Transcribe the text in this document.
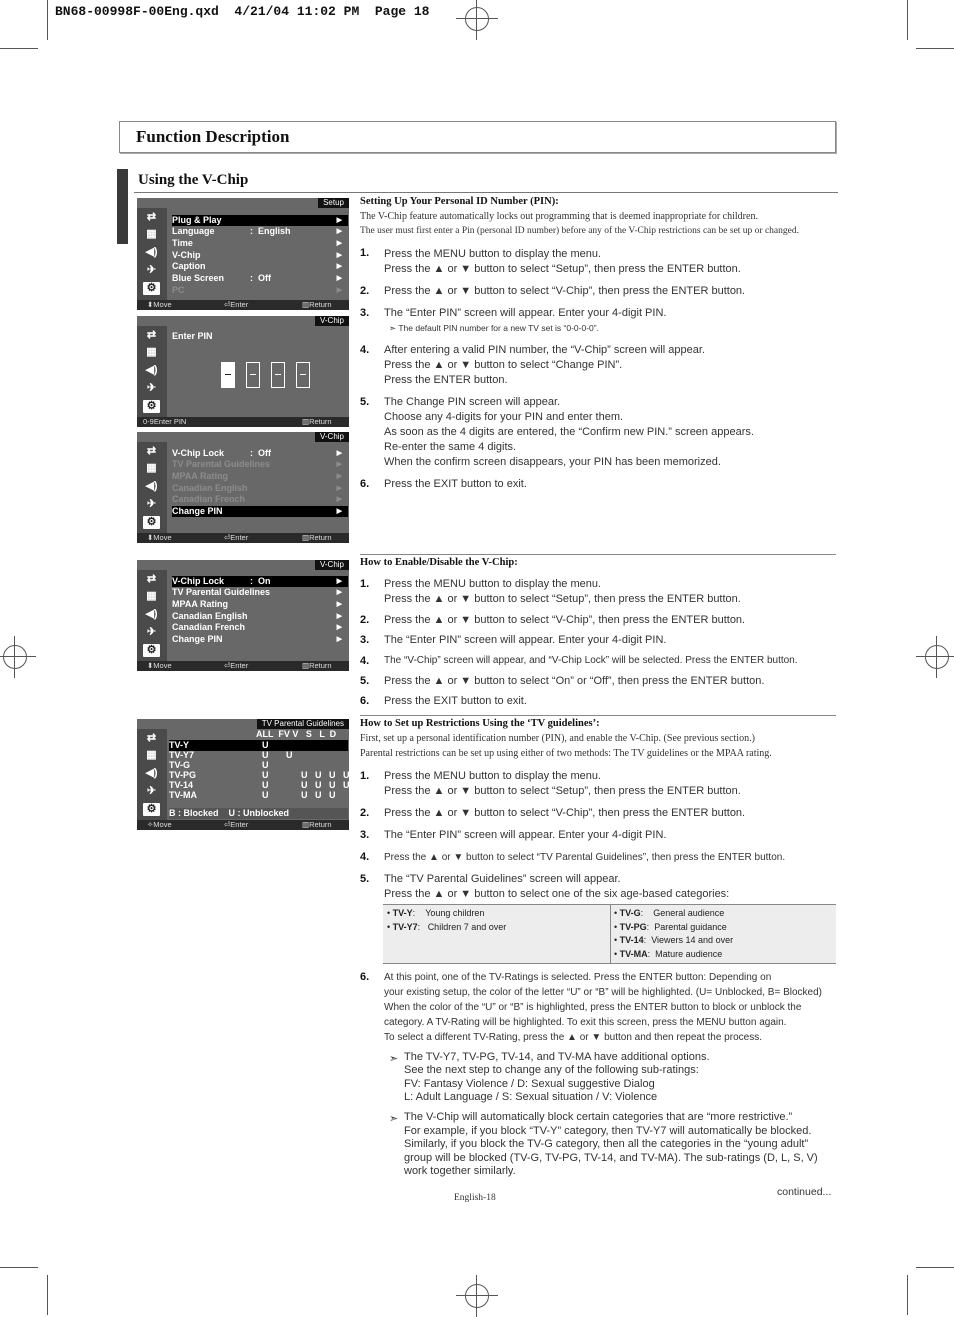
BN68-00998F-00Eng.qxd  4/21/04 11:02 PM  Page 18
Function Description
Using the V-Chip
Setup
⇄
▦
◀)
✈
⚙
Plug & Play	▶
Language	:  English	▶
Time	▶
V-Chip	▶
Caption	▶
Blue Screen	:  Off	▶
PC	▶
⬍ Move	⏎ Enter	▥ Return
V-Chip
⇄
▦
◀)
✈
⚙
Enter PIN
0-9Enter PIN	▥ Return
V-Chip
⇄
▦
◀)
✈
⚙
V-Chip Lock	:  Off	▶
TV Parental Guidelines	▶
MPAA Rating	▶
Canadian English	▶
Canadian French	▶
Change PIN	▶
⬍ Move	⏎ Enter	▥ Return
V-Chip
⇄
▦
◀)
✈
⚙
V-Chip Lock	:  On	▶
TV Parental Guidelines	▶
MPAA Rating	▶
Canadian English	▶
Canadian French	▶
Change PIN	▶
⬍ Move	⏎ Enter	▥ Return
TV Parental Guidelines
⇄
▦
◀)
✈
⚙
ALL  FV V   S   L  D
TV-Y	U
TV-Y7	U       U
TV-G	U
TV-PG	U             U   U   U   U
TV-14	U             U   U   U   U
TV-MA	U             U   U   U
B : Blocked    U : Unblocked
✧ Move	⏎ Enter	▥ Return
Setting Up Your Personal ID Number (PIN):
The V-Chip feature automatically locks out programming that is deemed inappropriate for children.
The user must first enter a Pin (personal ID number) before any of the V-Chip restrictions can be set up or changed.
1. Press the MENU button to display the menu.
Press the ▲ or ▼ button to select “Setup”, then press the ENTER button.
2. Press the ▲ or ▼ button to select “V-Chip”, then press the ENTER button.
3. The “Enter PIN” screen will appear. Enter your 4-digit PIN.
➣ The default PIN number for a new TV set is “0-0-0-0”.
4. After entering a valid PIN number, the “V-Chip” screen will appear.
Press the ▲ or ▼ button to select “Change PIN”.
Press the ENTER button.
5. The Change PIN screen will appear.
Choose any 4-digits for your PIN and enter them.
As soon as the 4 digits are entered, the “Confirm new PIN.” screen appears.
Re-enter the same 4 digits.
When the confirm screen disappears, your PIN has been memorized.
6. Press the EXIT button to exit.
How to Enable/Disable the V-Chip:
1. Press the MENU button to display the menu.
Press the ▲ or ▼ button to select “Setup”, then press the ENTER button.
2. Press the ▲ or ▼ button to select “V-Chip”, then press the ENTER button.
3. The “Enter PIN” screen will appear. Enter your 4-digit PIN.
4. The “V-Chip” screen will appear, and “V-Chip Lock” will be selected. Press the ENTER button.
5. Press the ▲ or ▼ button to select “On” or “Off”, then press the ENTER button.
6. Press the EXIT button to exit.
How to Set up Restrictions Using the ‘TV guidelines’:
First, set up a personal identification number (PIN), and enable the V-Chip. (See previous section.)
Parental restrictions can be set up using either of two methods: The TV guidelines or the MPAA rating.
1. Press the MENU button to display the menu.
Press the ▲ or ▼ button to select “Setup”, then press the ENTER button.
2. Press the ▲ or ▼ button to select “V-Chip”, then press the ENTER button.
3. The “Enter PIN” screen will appear. Enter your 4-digit PIN.
4. Press the ▲ or ▼ button to select “TV Parental Guidelines”, then press the ENTER button.
5. The “TV Parental Guidelines” screen will appear.
Press the ▲ or ▼ button to select one of the six age-based categories:
• TV-Y:    Young children
• TV-Y7:   Children 7 and over
• TV-G:    General audience
• TV-PG:  Parental guidance
• TV-14:  Viewers 14 and over
• TV-MA:  Mature audience
6. At this point, one of the TV-Ratings is selected. Press the ENTER button: Depending on
your existing setup, the color of the letter “U” or “B” will be highlighted. (U= Unblocked, B= Blocked)
When the color of the “U” or “B” is highlighted, press the ENTER button to block or unblock the
category. A TV-Rating will be highlighted. To exit this screen, press the MENU button again.
To select a different TV-Rating, press the ▲ or ▼ button and then repeat the process.
➣ The TV-Y7, TV-PG, TV-14, and TV-MA have additional options.
See the next step to change any of the following sub-ratings:
FV: Fantasy Violence / D: Sexual suggestive Dialog
L: Adult Language / S: Sexual situation / V: Violence
➣ The V-Chip will automatically block certain categories that are “more restrictive.”
For example, if you block “TV-Y” category, then TV-Y7 will automatically be blocked.
Similarly, if you block the TV-G category, then all the categories in the “young adult”
group will be blocked (TV-G, TV-PG, TV-14, and TV-MA). The sub-ratings (D, L, S, V)
work together similarly.
continued...
English-18
